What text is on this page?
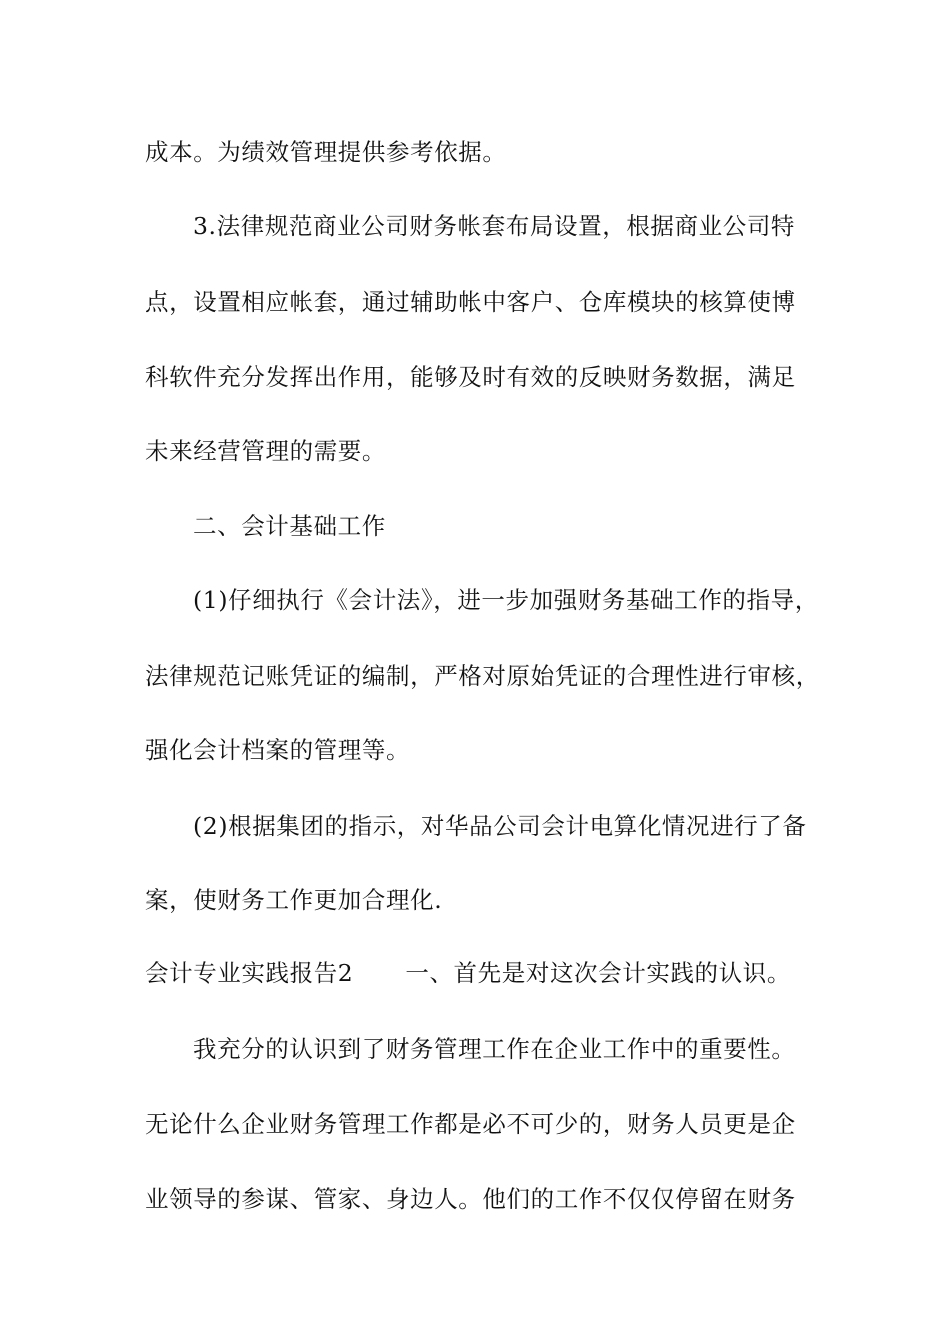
成本。为绩效管理提供参考依据。
3.法律规范商业公司财务帐套布局设置，根据商业公司特
点，设置相应帐套，通过辅助帐中客户、仓库模块的核算使博
科软件充分发挥出作用，能够及时有效的反映财务数据，满足
未来经营管理的需要。
二、会计基础工作
(1)仔细执行《会计法》，进一步加强财务基础工作的指导，
法律规范记账凭证的编制，严格对原始凭证的合理性进行审核，
强化会计档案的管理等。
(2)根据集团的指示，对华品公司会计电算化情况进行了备
案，使财务工作更加合理化.
会计专业实践报告2 一、首先是对这次会计实践的认识。
我充分的认识到了财务管理工作在企业工作中的重要性。
无论什么企业财务管理工作都是必不可少的，财务人员更是企
业领导的参谋、管家、身边人。他们的工作不仅仅停留在财务
